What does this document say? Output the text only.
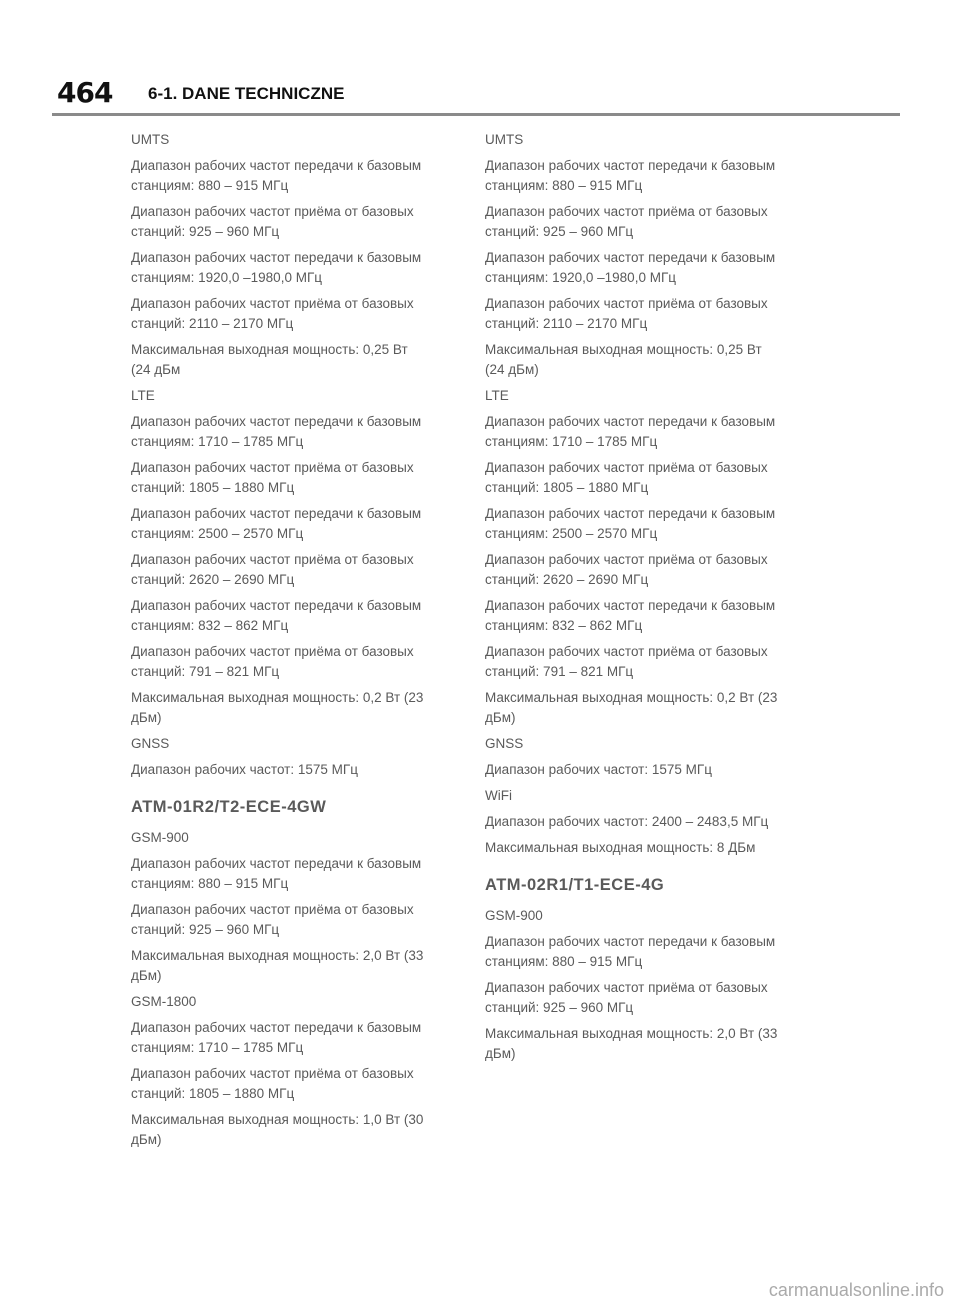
464 6-1. DANE TECHNICZNE
UMTS
Диапазон рабочих частот передачи к базовым
станциям: 880 – 915 МГц
Диапазон рабочих частот приёма от базовых
станций: 925 – 960 МГц
Диапазон рабочих частот передачи к базовым
станциям: 1920,0 –1980,0 МГц
Диапазон рабочих частот приёма от базовых
станций: 2110 – 2170 МГц
Максимальная выходная мощность: 0,25 Вт
(24 дБм
LTE
Диапазон рабочих частот передачи к базовым
станциям: 1710 – 1785 МГц
Диапазон рабочих частот приёма от базовых
станций: 1805 – 1880 МГц
Диапазон рабочих частот передачи к базовым
станциям: 2500 – 2570 МГц
Диапазон рабочих частот приёма от базовых
станций: 2620 – 2690 МГц
Диапазон рабочих частот передачи к базовым
станциям: 832 – 862 МГц
Диапазон рабочих частот приёма от базовых
станций: 791 – 821 МГц
Максимальная выходная мощность: 0,2 Вт (23
дБм)
GNSS
Диапазон рабочих частот: 1575 МГц
ATM-01R2/T2-ECE-4GW
GSM-900
Диапазон рабочих частот передачи к базовым
станциям: 880 – 915 МГц
Диапазон рабочих частот приёма от базовых
станций: 925 – 960 МГц
Максимальная выходная мощность: 2,0 Вт (33
дБм)
GSM-1800
Диапазон рабочих частот передачи к базовым
станциям: 1710 – 1785 МГц
Диапазон рабочих частот приёма от базовых
станций: 1805 – 1880 МГц
Максимальная выходная мощность: 1,0 Вт (30
дБм)
UMTS
Диапазон рабочих частот передачи к базовым
станциям: 880 – 915 МГц
Диапазон рабочих частот приёма от базовых
станций: 925 – 960 МГц
Диапазон рабочих частот передачи к базовым
станциям: 1920,0 –1980,0 МГц
Диапазон рабочих частот приёма от базовых
станций: 2110 – 2170 МГц
Максимальная выходная мощность: 0,25 Вт
(24 дБм)
LTE
Диапазон рабочих частот передачи к базовым
станциям: 1710 – 1785 МГц
Диапазон рабочих частот приёма от базовых
станций: 1805 – 1880 МГц
Диапазон рабочих частот передачи к базовым
станциям: 2500 – 2570 МГц
Диапазон рабочих частот приёма от базовых
станций: 2620 – 2690 МГц
Диапазон рабочих частот передачи к базовым
станциям: 832 – 862 МГц
Диапазон рабочих частот приёма от базовых
станций: 791 – 821 МГц
Максимальная выходная мощность: 0,2 Вт (23
дБм)
GNSS
Диапазон рабочих частот: 1575 МГц
WiFi
Диапазон рабочих частот: 2400 – 2483,5 МГц
Максимальная выходная мощность: 8 ДБм
ATM-02R1/T1-ECE-4G
GSM-900
Диапазон рабочих частот передачи к базовым
станциям: 880 – 915 МГц
Диапазон рабочих частот приёма от базовых
станций: 925 – 960 МГц
Максимальная выходная мощность: 2,0 Вт (33
дБм)
carmanualsonline.info
